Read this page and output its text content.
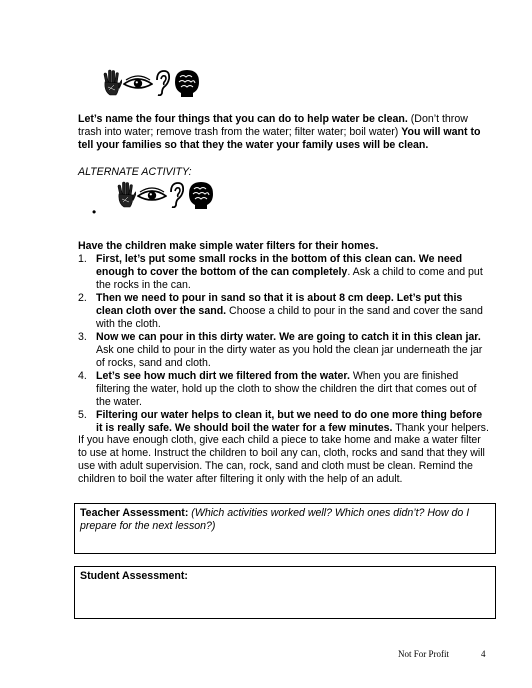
Let’s name the four things that you can do to help water be clean. (Don’t throw trash into water; remove trash from the water; filter water; boil water) You will want to tell your families so that they the water your family uses will be clean.

ALTERNATE ACTIVITY:

•

Have the children make simple water filters for their homes.

1. First, let’s put some small rocks in the bottom of this clean can. We need enough to cover the bottom of the can completely. Ask a child to come and put the rocks in the can.
2. Then we need to pour in sand so that it is about 8 cm deep. Let’s put this clean cloth over the sand. Choose a child to pour in the sand and cover the sand with the cloth.
3. Now we can pour in this dirty water. We are going to catch it in this clean jar. Ask one child to pour in the dirty water as you hold the clean jar underneath the jar of rocks, sand and cloth.
4. Let’s see how much dirt we filtered from the water. When you are finished filtering the water, hold up the cloth to show the children the dirt that comes out of the water.
5. Filtering our water helps to clean it, but we need to do one more thing before it is really safe. We should boil the water for a few minutes. Thank your helpers.

If you have enough cloth, give each child a piece to take home and make a water filter to use at home. Instruct the children to boil any can, cloth, rocks and sand that they will use with adult supervision. The can, rock, sand and cloth must be clean. Remind the children to boil the water after filtering it only with the help of an adult.

Teacher Assessment: (Which activities worked well? Which ones didn’t? How do I prepare for the next lesson?)
Student Assessment:
Not For Profit	4
